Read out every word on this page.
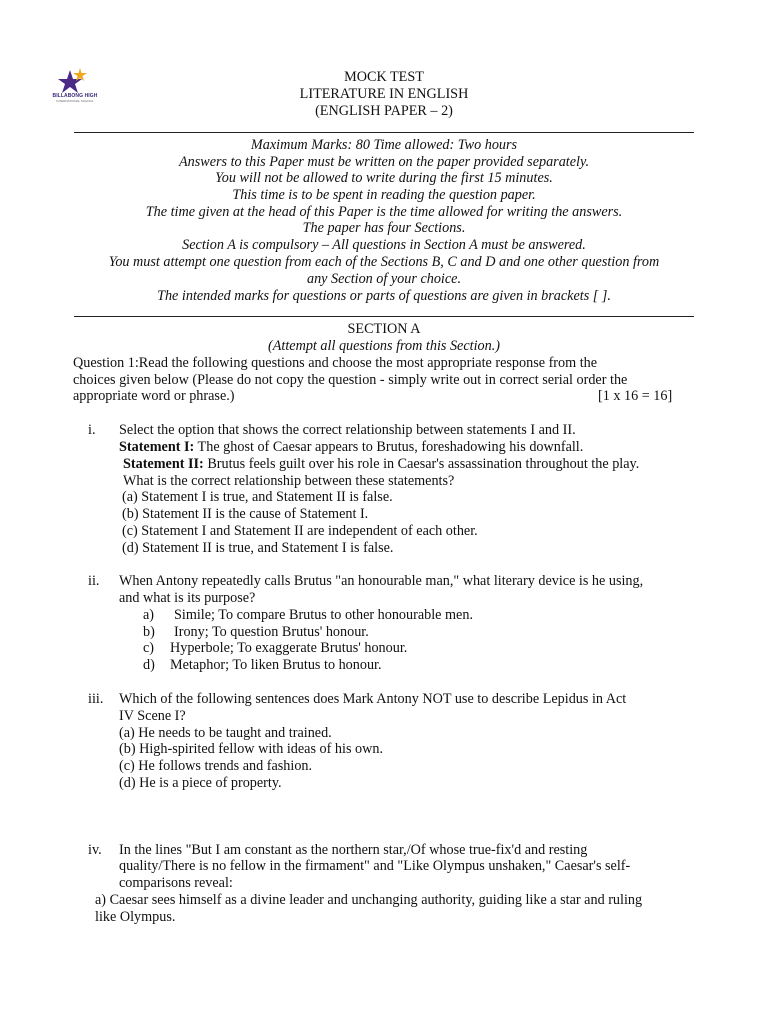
BILLABONG HIGH
INTERNATIONAL SCHOOL
MOCK TEST
LITERATURE IN ENGLISH
(ENGLISH PAPER – 2)
Maximum Marks: 80 Time allowed: Two hours
Answers to this Paper must be written on the paper provided separately.
You will not be allowed to write during the first 15 minutes.
This time is to be spent in reading the question paper.
The time given at the head of this Paper is the time allowed for writing the answers.
The paper has four Sections.
Section A is compulsory – All questions in Section A must be answered.
You must attempt one question from each of the Sections B, C and D and one other question from
any Section of your choice.
The intended marks for questions or parts of questions are given in brackets [ ].
SECTION A
(Attempt all questions from this Section.)
Question 1:Read the following questions and choose the most appropriate response from the
choices given below (Please do not copy the question - simply write out in correct serial order the
appropriate word or phrase.)	[1 x 16 = 16]
i. Select the option that shows the correct relationship between statements I and II.
Statement I: The ghost of Caesar appears to Brutus, foreshadowing his downfall.
Statement II: Brutus feels guilt over his role in Caesar's assassination throughout the play.
What is the correct relationship between these statements?
(a) Statement I is true, and Statement II is false.
(b) Statement II is the cause of Statement I.
(c) Statement I and Statement II are independent of each other.
(d) Statement II is true, and Statement I is false.
ii. When Antony repeatedly calls Brutus "an honourable man," what literary device is he using,
and what is its purpose?
a) Simile; To compare Brutus to other honourable men.
b) Irony; To question Brutus' honour.
c) Hyperbole; To exaggerate Brutus' honour.
d) Metaphor; To liken Brutus to honour.
iii. Which of the following sentences does Mark Antony NOT use to describe Lepidus in Act
IV Scene I?
(a) He needs to be taught and trained.
(b) High-spirited fellow with ideas of his own.
(c) He follows trends and fashion.
(d) He is a piece of property.
iv. In the lines "But I am constant as the northern star,/Of whose true-fix'd and resting
quality/There is no fellow in the firmament" and "Like Olympus unshaken," Caesar's self-
comparisons reveal:
a) Caesar sees himself as a divine leader and unchanging authority, guiding like a star and ruling
like Olympus.
